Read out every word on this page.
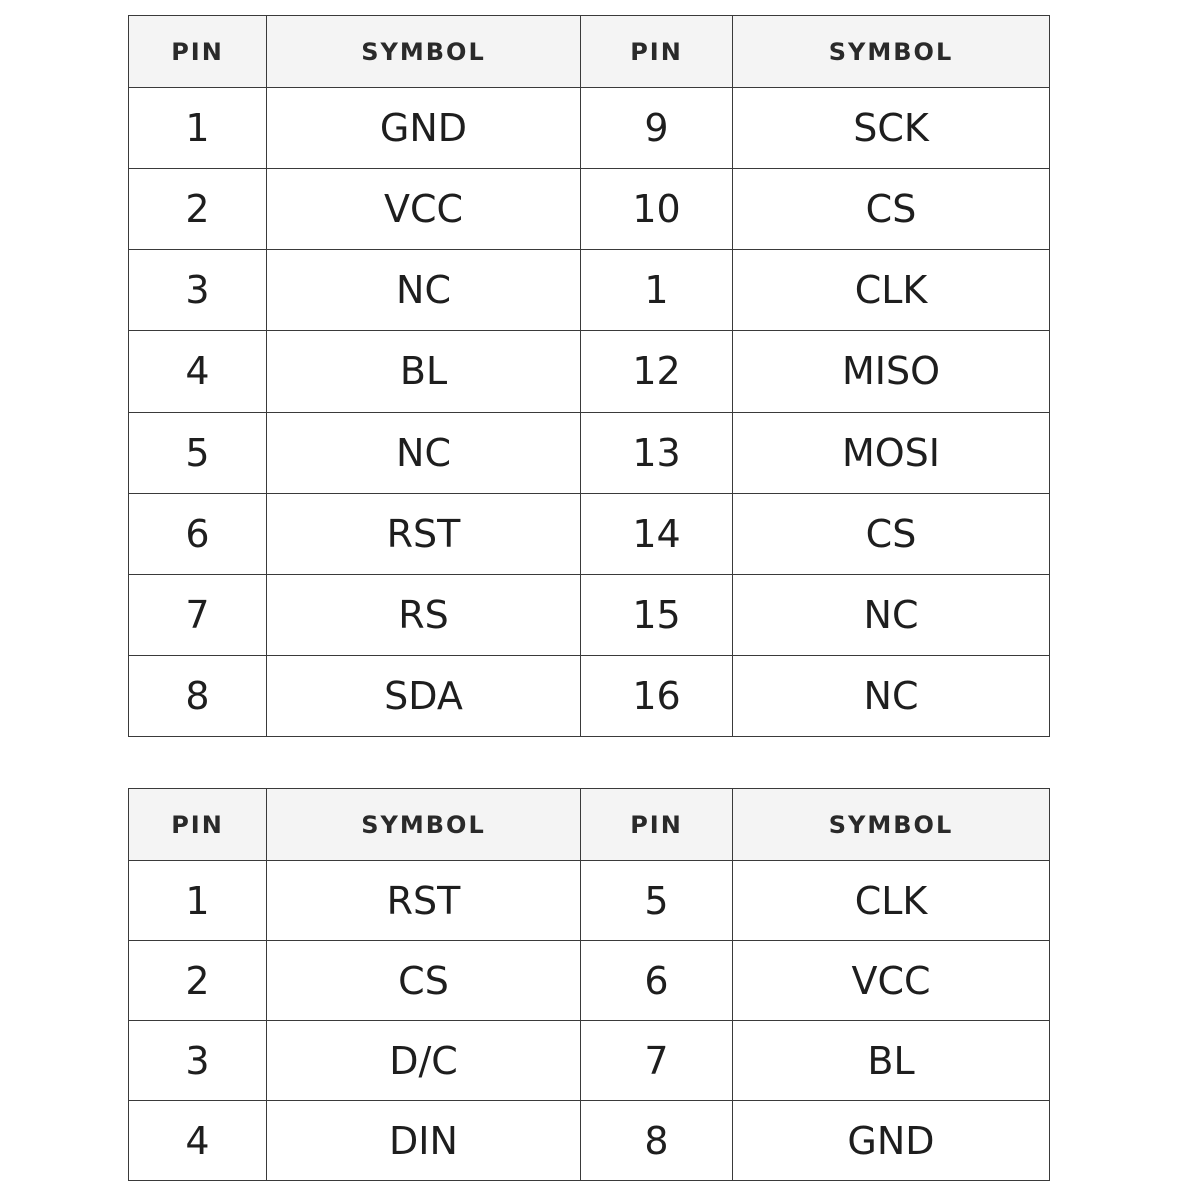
PIN	SYMBOL	PIN	SYMBOL
1	GND	9	SCK
2	VCC	10	CS
3	NC	1	CLK
4	BL	12	MISO
5	NC	13	MOSI
6	RST	14	CS
7	RS	15	NC
8	SDA	16	NC
PIN	SYMBOL	PIN	SYMBOL
1	RST	5	CLK
2	CS	6	VCC
3	D/C	7	BL
4	DIN	8	GND
